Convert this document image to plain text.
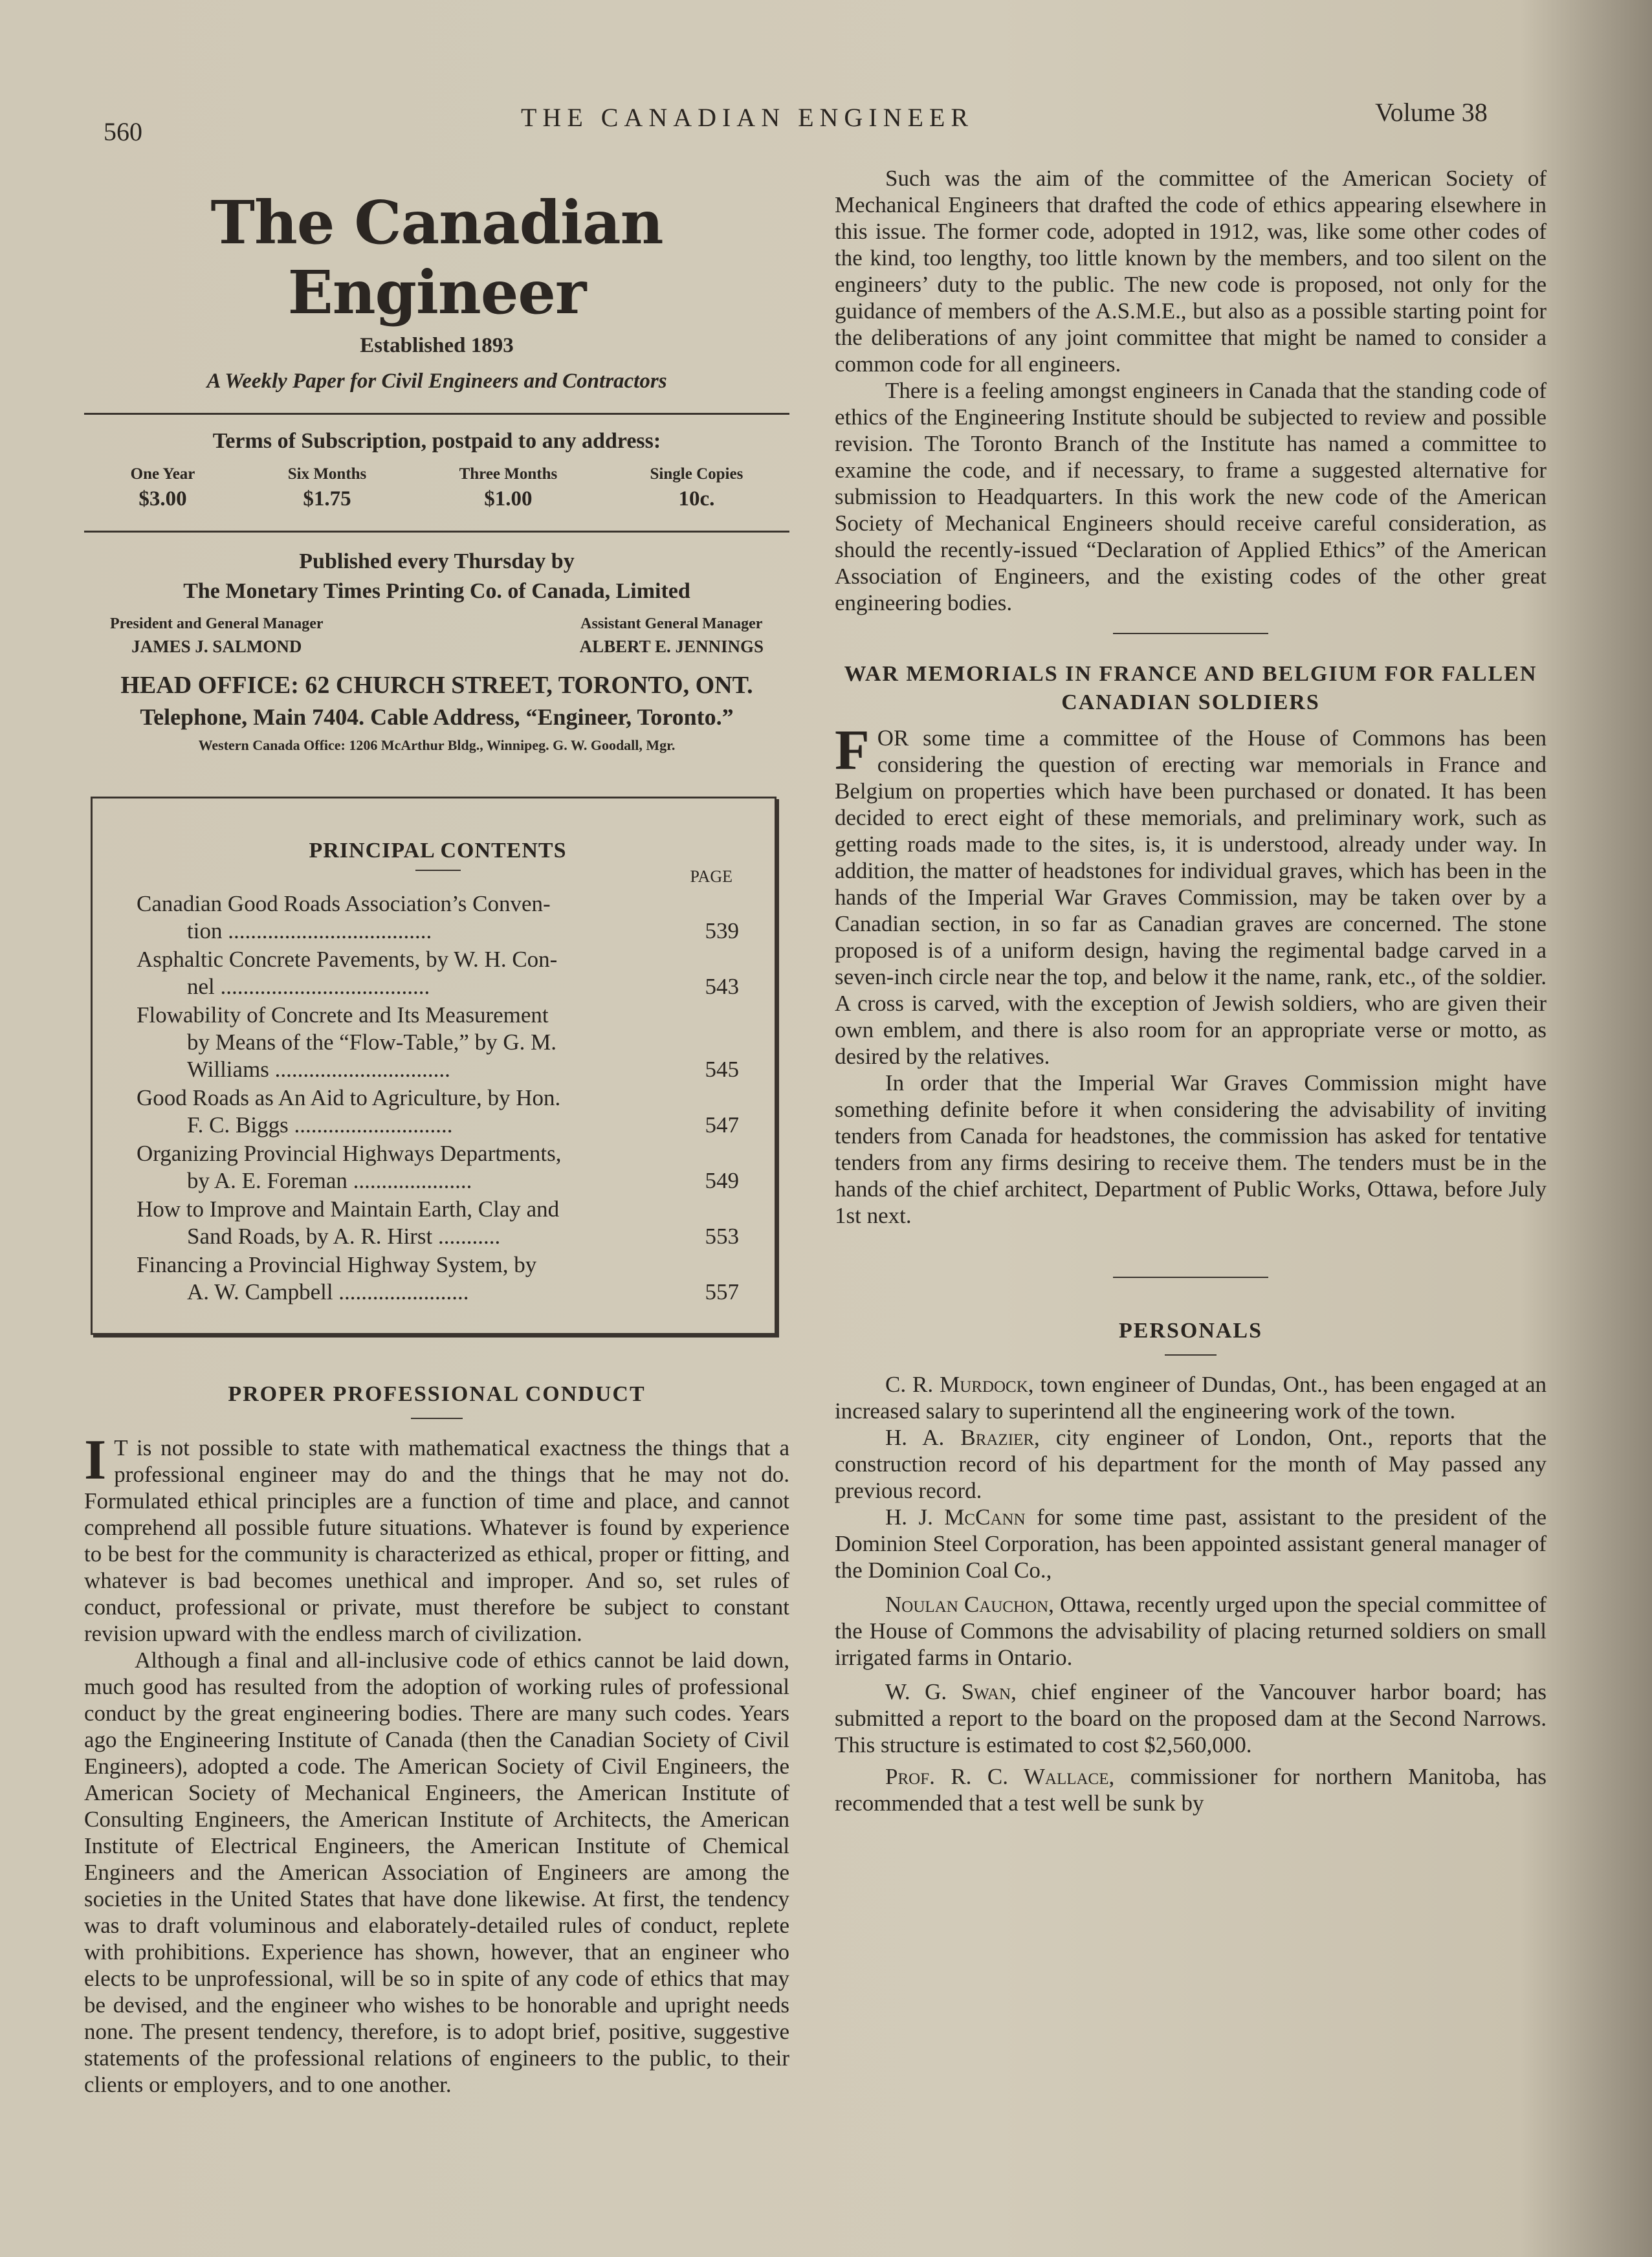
560	THE CANADIAN ENGINEER	Volume 38
The Canadian Engineer

Established 1893

A Weekly Paper for Civil Engineers and Contractors

Terms of Subscription, postpaid to any address:
One Year
$3.00
Six Months
$1.75
Three Months
$1.00
Single Copies
10c.
Published every Thursday by
The Monetary Times Printing Co. of Canada, Limited
President and General Manager
JAMES J. SALMOND
Assistant General Manager
ALBERT E. JENNINGS
HEAD OFFICE: 62 CHURCH STREET, TORONTO, ONT.
Telephone, Main 7404. Cable Address, “Engineer, Toronto.”
Western Canada Office: 1206 McArthur Bldg., Winnipeg. G. W. Goodall, Mgr.
PRINCIPAL CONTENTS
PAGE
Canadian Good Roads Association’s Conven-
tion ....................................	539
Asphaltic Concrete Pavements, by W. H. Con-
nel .....................................	543
Flowability of Concrete and Its Measurement
by Means of the “Flow-Table,” by G. M.
Williams ...............................	545
Good Roads as An Aid to Agriculture, by Hon.
F. C. Biggs ............................	547
Organizing Provincial Highways Departments,
by A. E. Foreman .....................	549
How to Improve and Maintain Earth, Clay and
Sand Roads, by A. R. Hirst ...........	553
Financing a Provincial Highway System, by
A. W. Campbell .......................	557
PROPER PROFESSIONAL CONDUCT

I T is not possible to state with mathematical exactness the things that a professional engineer may do and the things that he may not do. Formulated ethical principles are a function of time and place, and cannot comprehend all possible future situations. Whatever is found by experience to be best for the community is characterized as ethical, proper or fitting, and whatever is bad becomes unethical and improper. And so, set rules of conduct, professional or private, must therefore be subject to constant revision upward with the endless march of civilization.

Although a final and all-inclusive code of ethics cannot be laid down, much good has resulted from the adoption of working rules of professional conduct by the great engineering bodies. There are many such codes. Years ago the Engineering Institute of Canada (then the Canadian Society of Civil Engineers), adopted a code. The American Society of Civil Engineers, the American Society of Mechanical Engineers, the American Institute of Consulting Engineers, the American Institute of Architects, the American Institute of Electrical Engineers, the American Institute of Chemical Engineers and the American Association of Engineers are among the societies in the United States that have done likewise. At first, the tendency was to draft voluminous and elaborately-detailed rules of conduct, replete with prohibitions. Experience has shown, however, that an engineer who elects to be unprofessional, will be so in spite of any code of ethics that may be devised, and the engineer who wishes to be honorable and upright needs none. The present tendency, therefore, is to adopt brief, positive, suggestive statements of the professional relations of engineers to the public, to their clients or employers, and to one another.

Such was the aim of the committee of the American Society of Mechanical Engineers that drafted the code of ethics appearing elsewhere in this issue. The former code, adopted in 1912, was, like some other codes of the kind, too lengthy, too little known by the members, and too silent on the engineers’ duty to the public. The new code is proposed, not only for the guidance of members of the A.S.M.E., but also as a possible starting point for the deliberations of any joint committee that might be named to consider a common code for all engineers.

There is a feeling amongst engineers in Canada that the standing code of ethics of the Engineering Institute should be subjected to review and possible revision. The Toronto Branch of the Institute has named a committee to examine the code, and if necessary, to frame a suggested alternative for submission to Headquarters. In this work the new code of the American Society of Mechanical Engineers should receive careful consideration, as should the recently-issued “Declaration of Applied Ethics” of the American Association of Engineers, and the existing codes of the other great engineering bodies.

WAR MEMORIALS IN FRANCE AND BELGIUM FOR FALLEN CANADIAN SOLDIERS

FOR some time a committee of the House of Commons has been considering the question of erecting war memorials in France and Belgium on properties which have been purchased or donated. It has been decided to erect eight of these memorials, and preliminary work, such as getting roads made to the sites, is, it is understood, already under way. In addition, the matter of headstones for individual graves, which has been in the hands of the Imperial War Graves Commission, may be taken over by a Canadian section, in so far as Canadian graves are concerned. The stone proposed is of a uniform design, having the regimental badge carved in a seven-inch circle near the top, and below it the name, rank, etc., of the soldier. A cross is carved, with the exception of Jewish soldiers, who are given their own emblem, and there is also room for an appropriate verse or motto, as desired by the relatives.

In order that the Imperial War Graves Commission might have something definite before it when considering the advisability of inviting tenders from Canada for headstones, the commission has asked for tentative tenders from any firms desiring to receive them. The tenders must be in the hands of the chief architect, Department of Public Works, Ottawa, before July 1st next.

PERSONALS

C. R. Murdock, town engineer of Dundas, Ont., has been engaged at an increased salary to superintend all the engineering work of the town.

H. A. Brazier, city engineer of London, Ont., reports that the construction record of his department for the month of May passed any previous record.

H. J. McCann for some time past, assistant to the president of the Dominion Steel Corporation, has been appointed assistant general manager of the Dominion Coal Co.,

Noulan Cauchon, Ottawa, recently urged upon the special committee of the House of Commons the advisability of placing returned soldiers on small irrigated farms in Ontario.

W. G. Swan, chief engineer of the Vancouver harbor board; has submitted a report to the board on the proposed dam at the Second Narrows. This structure is estimated to cost $2,560,000.

Prof. R. C. Wallace, commissioner for northern Manitoba, has recommended that a test well be sunk by
